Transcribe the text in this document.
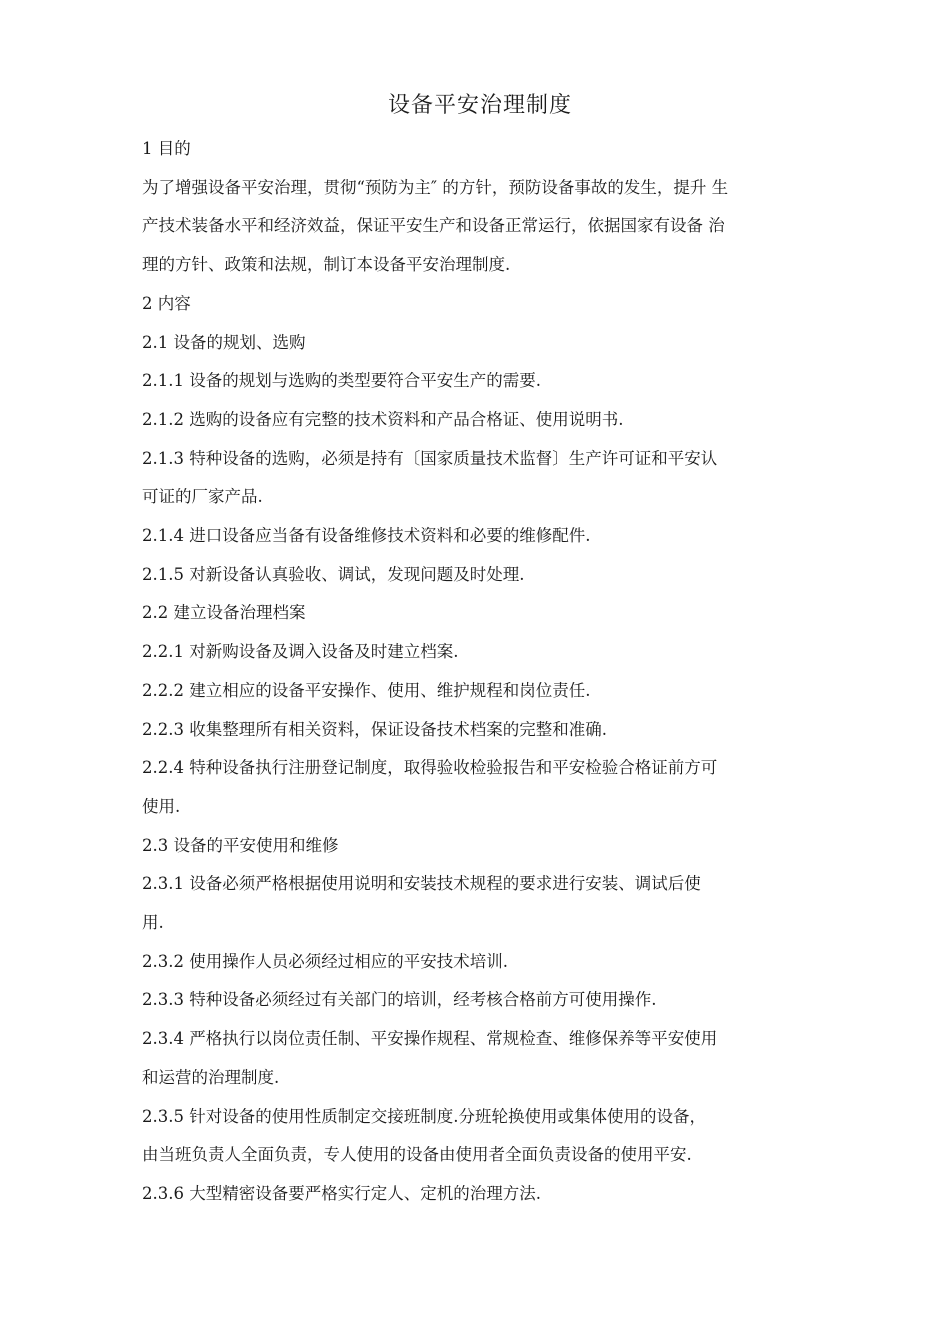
设备平安治理制度

1 目的

为了增强设备平安治理，贯彻“预防为主″ 的方针，预防设备事故的发生，提升 生

产技术装备水平和经济效益，保证平安生产和设备正常运行，依据国家有设备 治

理的方针、政策和法规，制订本设备平安治理制度.

2 内容

2.1 设备的规划、选购

2.1.1 设备的规划与选购的类型要符合平安生产的需要.

2.1.2 选购的设备应有完整的技术资料和产品合格证、使用说明书.

2.1.3 特种设备的选购，必须是持有〔国家质量技术监督〕生产许可证和平安认

可证的厂家产品.

2.1.4 进口设备应当备有设备维修技术资料和必要的维修配件.

2.1.5 对新设备认真验收、调试，发现问题及时处理.

2.2 建立设备治理档案

2.2.1 对新购设备及调入设备及时建立档案.

2.2.2 建立相应的设备平安操作、使用、维护规程和岗位责任.

2.2.3 收集整理所有相关资料，保证设备技术档案的完整和准确.

2.2.4 特种设备执行注册登记制度，取得验收检验报告和平安检验合格证前方可

使用.

2.3 设备的平安使用和维修

2.3.1 设备必须严格根据使用说明和安装技术规程的要求进行安装、调试后使

用.

2.3.2 使用操作人员必须经过相应的平安技术培训.

2.3.3 特种设备必须经过有关部门的培训，经考核合格前方可使用操作.

2.3.4 严格执行以岗位责任制、平安操作规程、常规检查、维修保养等平安使用

和运营的治理制度.

2.3.5 针对设备的使用性质制定交接班制度.分班轮换使用或集体使用的设备，

由当班负责人全面负责，专人使用的设备由使用者全面负责设备的使用平安.

2.3.6 大型精密设备要严格实行定人、定机的治理方法.
